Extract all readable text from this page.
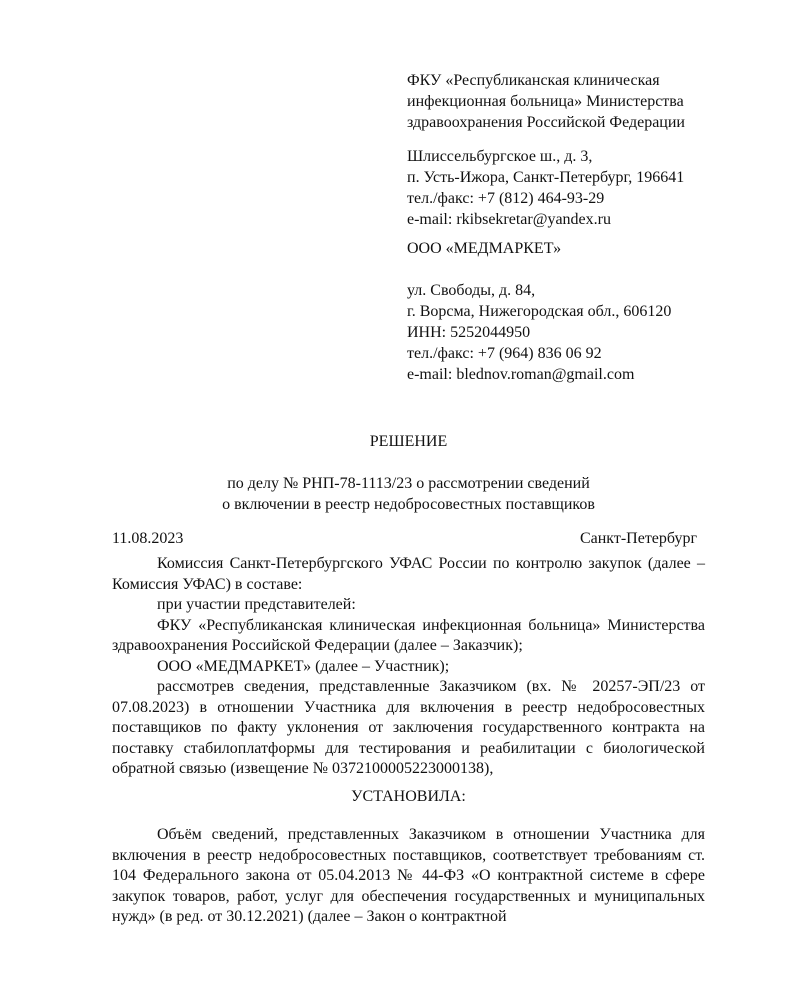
ФКУ «Республиканская клиническая
инфекционная больница» Министерства
здравоохранения Российской Федерации
Шлиссельбургское ш., д. 3,
п. Усть-Ижора, Санкт-Петербург, 196641
тел./факс: +7 (812) 464-93-29
e-mail: rkibsekretar@yandex.ru
ООО «МЕДМАРКЕТ»
ул. Свободы, д. 84,
г. Ворсма, Нижегородская обл., 606120
ИНН: 5252044950
тел./факс: +7 (964) 836 06 92
e-mail: blednov.roman@gmail.com
РЕШЕНИЕ
по делу № РНП-78-1113/23 о рассмотрении сведений
о включении в реестр недобросовестных поставщиков
11.08.2023	Санкт-Петербург

Комиссия Санкт-Петербургского УФАС России по контролю закупок (далее – Комиссия УФАС) в составе:

при участии представителей:

ФКУ «Республиканская клиническая инфекционная больница» Министерства здравоохранения Российской Федерации (далее – Заказчик);

ООО «МЕДМАРКЕТ» (далее – Участник);

рассмотрев сведения, представленные Заказчиком (вх. № 20257-ЭП/23 от 07.08.2023) в отношении Участника для включения в реестр недобросовестных поставщиков по факту уклонения от заключения государственного контракта на поставку стабилоплатформы для тестирования и реабилитации с биологической обратной связью (извещение № 0372100005223000138),

УСТАНОВИЛА:

Объём сведений, представленных Заказчиком в отношении Участника для включения в реестр недобросовестных поставщиков, соответствует требованиям ст. 104 Федерального закона от 05.04.2013 № 44-ФЗ «О контрактной системе в сфере закупок товаров, работ, услуг для обеспечения государственных и муниципальных нужд» (в ред. от 30.12.2021) (далее – Закон о контрактной
